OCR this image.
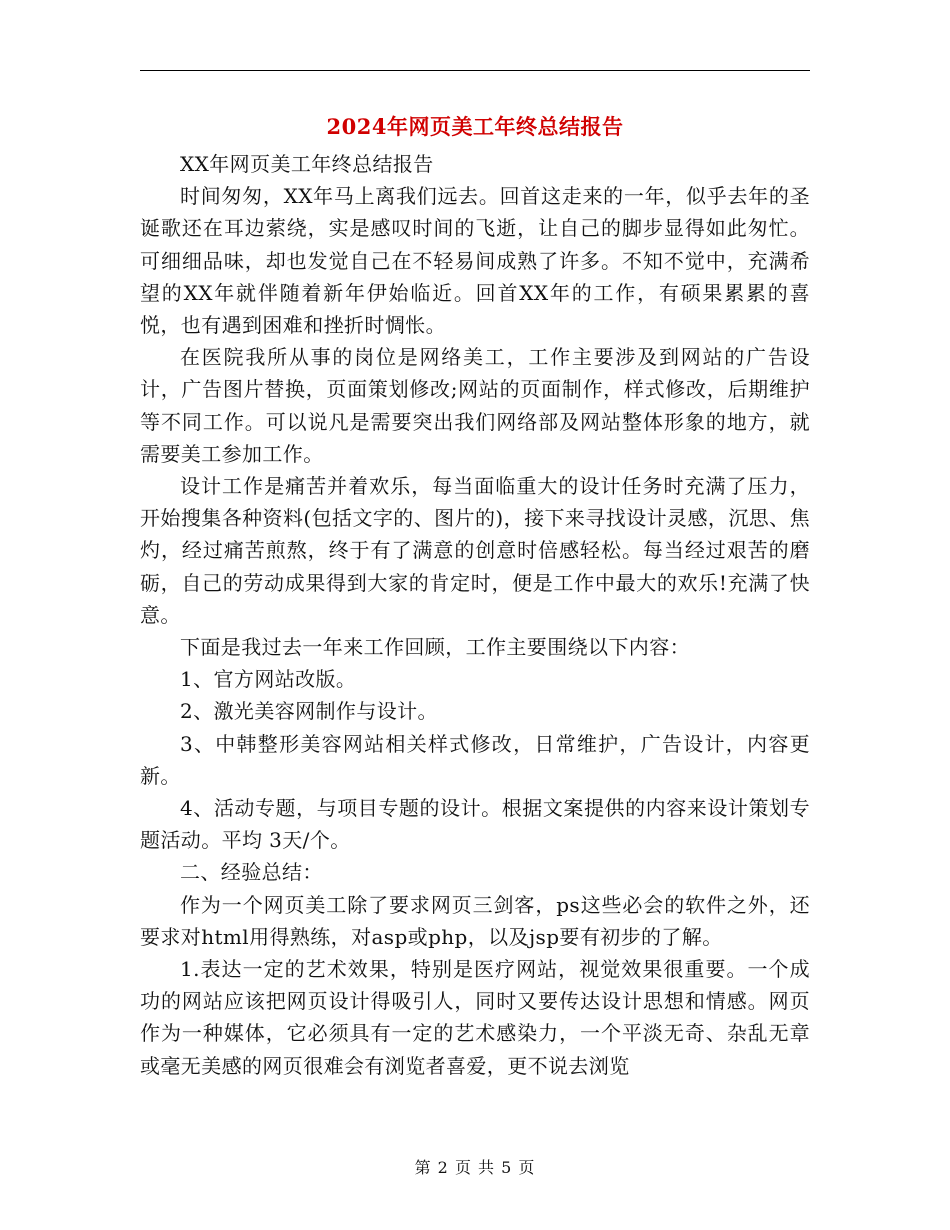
2024年网页美工年终总结报告

XX年网页美工年终总结报告

时间匆匆，XX年马上离我们远去。回首这走来的一年，似乎去年的圣诞歌还在耳边萦绕，实是感叹时间的飞逝，让自己的脚步显得如此匆忙。可细细品味，却也发觉自己在不轻易间成熟了许多。不知不觉中，充满希望的XX年就伴随着新年伊始临近。回首XX年的工作，有硕果累累的喜悦，也有遇到困难和挫折时惆怅。

在医院我所从事的岗位是网络美工，工作主要涉及到网站的广告设计，广告图片替换，页面策划修改;网站的页面制作，样式修改，后期维护等不同工作。可以说凡是需要突出我们网络部及网站整体形象的地方，就需要美工参加工作。

设计工作是痛苦并着欢乐，每当面临重大的设计任务时充满了压力，开始搜集各种资料(包括文字的、图片的)，接下来寻找设计灵感，沉思、焦灼，经过痛苦煎熬，终于有了满意的创意时倍感轻松。每当经过艰苦的磨砺，自己的劳动成果得到大家的肯定时，便是工作中最大的欢乐!充满了快意。

下面是我过去一年来工作回顾，工作主要围绕以下内容：

1、官方网站改版。

2、激光美容网制作与设计。

3、中韩整形美容网站相关样式修改，日常维护，广告设计，内容更新。

4、活动专题，与项目专题的设计。根据文案提供的内容来设计策划专题活动。平均 3天/个。

二、经验总结：

作为一个网页美工除了要求网页三剑客，ps这些必会的软件之外，还要求对html用得熟练，对asp或php，以及jsp要有初步的了解。

1.表达一定的艺术效果，特别是医疗网站，视觉效果很重要。一个成功的网站应该把网页设计得吸引人，同时又要传达设计思想和情感。网页作为一种媒体，它必须具有一定的艺术感染力，一个平淡无奇、杂乱无章或毫无美感的网页很难会有浏览者喜爱，更不说去浏览

第 2 页 共 5 页
